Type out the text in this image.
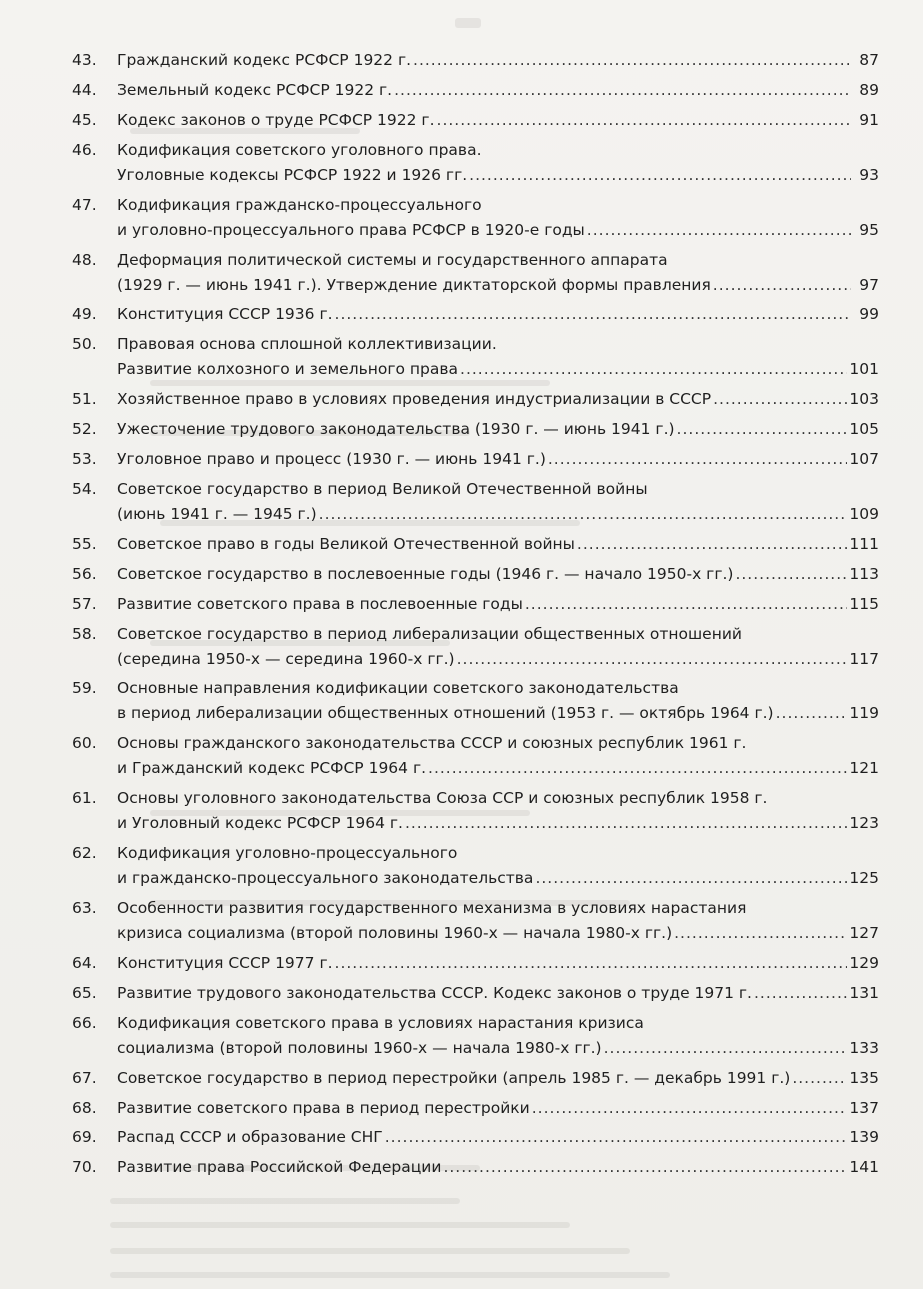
43.	Гражданский кодекс РСФСР 1922 г. .....	87
44.	Земельный кодекс РСФСР 1922 г. .....	89
45.	Кодекс законов о труде РСФСР 1922 г. .....	91
46.	Кодификация советского уголовного права.
Уголовные кодексы РСФСР 1922 и 1926 гг. .....	93
47.	Кодификация гражданско-процессуального
и уголовно-процессуального права РСФСР в 1920-е годы .....	95
48.	Деформация политической системы и государственного аппарата
(1929 г. — июнь 1941 г.). Утверждение диктаторской формы правления .....	97
49.	Конституция СССР 1936 г. .....	99
50.	Правовая основа сплошной коллективизации.
Развитие колхозного и земельного права .....	101
51.	Хозяйственное право в условиях проведения индустриализации в СССР .....	103
52.	Ужесточение трудового законодательства (1930 г. — июнь 1941 г.) .....	105
53.	Уголовное право и процесс (1930 г. — июнь 1941 г.) .....	107
54.	Советское государство в период Великой Отечественной войны
(июнь 1941 г. — 1945 г.) .....	109
55.	Советское право в годы Великой Отечественной войны .....	111
56.	Советское государство в послевоенные годы (1946 г. — начало 1950-х гг.) .....	113
57.	Развитие советского права в послевоенные годы .....	115
58.	Советское государство в период либерализации общественных отношений
(середина 1950-х — середина 1960-х гг.) .....	117
59.	Основные направления кодификации советского законодательства
в период либерализации общественных отношений (1953 г. — октябрь 1964 г.) .....	119
60.	Основы гражданского законодательства СССР и союзных республик 1961 г.
и Гражданский кодекс РСФСР 1964 г. .....	121
61.	Основы уголовного законодательства Союза ССР и союзных республик 1958 г.
и Уголовный кодекс РСФСР 1964 г. .....	123
62.	Кодификация уголовно-процессуального
и гражданско-процессуального законодательства .....	125
63.	Особенности развития государственного механизма в условиях нарастания
кризиса социализма (второй половины 1960-х — начала 1980-х гг.) .....	127
64.	Конституция СССР 1977 г. .....	129
65.	Развитие трудового законодательства СССР. Кодекс законов о труде 1971 г. .....	131
66.	Кодификация советского права в условиях нарастания кризиса
социализма (второй половины 1960-х — начала 1980-х гг.) .....	133
67.	Советское государство в период перестройки (апрель 1985 г. — декабрь 1991 г.) .....	135
68.	Развитие советского права в период перестройки .....	137
69.	Распад СССР и образование СНГ .....	139
70.	Развитие права Российской Федерации .....	141
